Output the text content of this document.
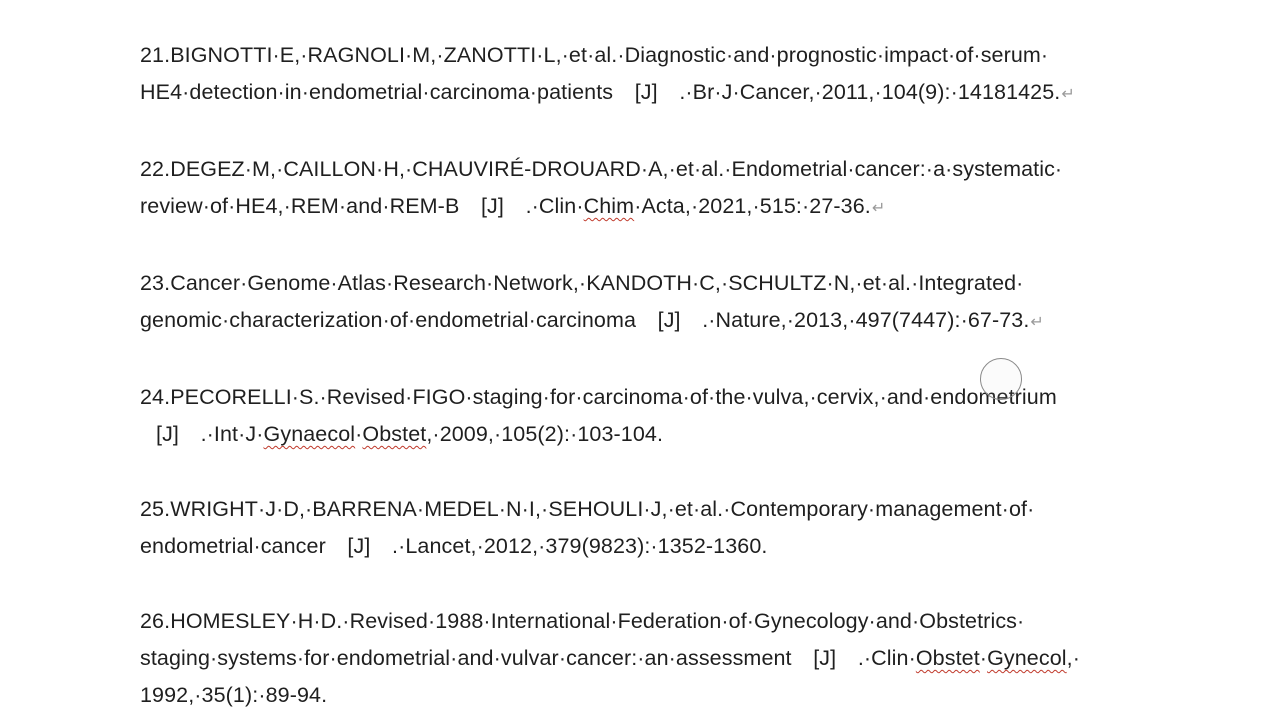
21.BIGNOTTI·E,·RAGNOLI·M,·ZANOTTI·L,·et·al.·Diagnostic·and·prognostic·impact·of·serum·
HE4·detection·in·endometrial·carcinoma·patients　[J]　.·Br·J·Cancer,·2011,·104(9):·14181425.↵

22.DEGEZ·M,·CAILLON·H,·CHAUVIRÉ-DROUARD·A,·et·al.·Endometrial·cancer:·a·systematic·
review·of·HE4,·REM·and·REM-B　[J]　.·Clin·Chim·Acta,·2021,·515:·27-36.↵

23.Cancer·Genome·Atlas·Research·Network,·KANDOTH·C,·SCHULTZ·N,·et·al.·Integrated·
genomic·characterization·of·endometrial·carcinoma　[J]　.·Nature,·2013,·497(7447):·67-73.↵

24.PECORELLI·S.·Revised·FIGO·staging·for·carcinoma·of·the·vulva,·cervix,·and·endometrium
[J]　.·Int·J·Gynaecol·Obstet,·2009,·105(2):·103-104.

25.WRIGHT·J·D,·BARRENA·MEDEL·N·I,·SEHOULI·J,·et·al.·Contemporary·management·of·
endometrial·cancer　[J]　.·Lancet,·2012,·379(9823):·1352-1360.

26.HOMESLEY·H·D.·Revised·1988·International·Federation·of·Gynecology·and·Obstetrics·
staging·systems·for·endometrial·and·vulvar·cancer:·an·assessment　[J]　.·Clin·Obstet·Gynecol,·
1992,·35(1):·89-94.
